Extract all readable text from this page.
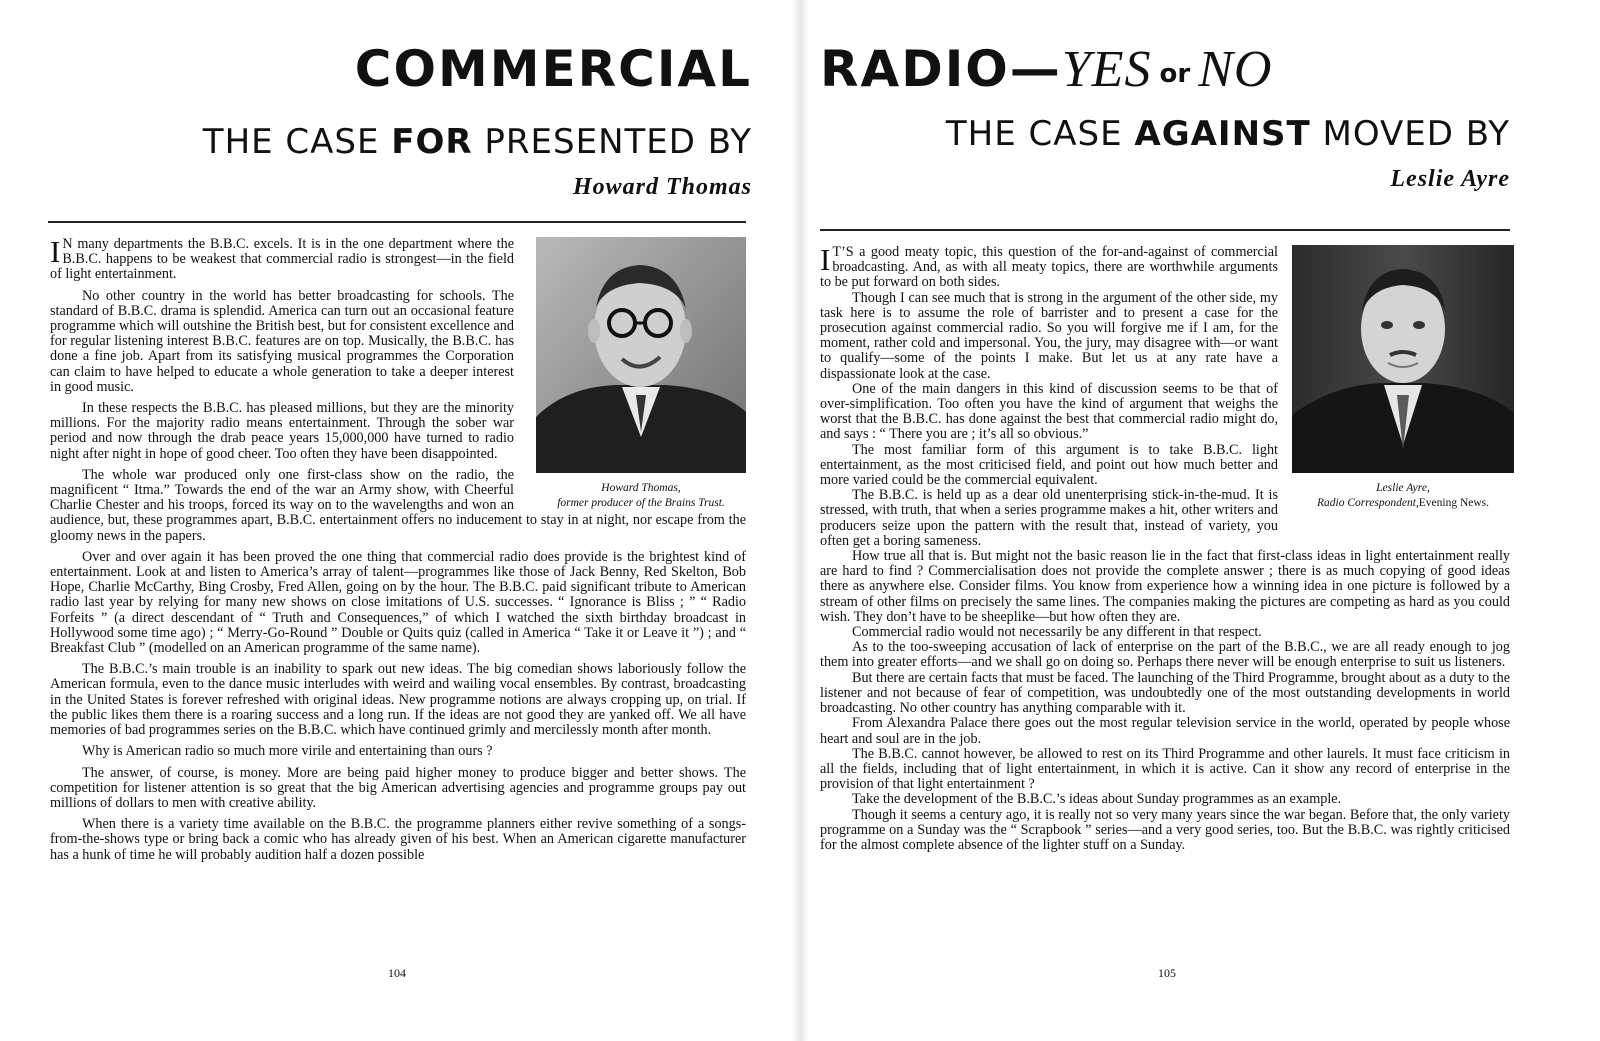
COMMERCIAL
THE CASE FOR PRESENTED BY
Howard Thomas
Howard Thomas,
former producer of the Brains Trust.

I N many departments the B.B.C. excels. It is in the one department where the B.B.C. happens to be weakest that commercial radio is strongest—in the field of light entertainment.

No other country in the world has better broadcasting for schools. The standard of B.B.C. drama is splendid. America can turn out an occasional feature programme which will outshine the British best, but for consistent excellence and for regular listening interest B.B.C. features are on top. Musically, the B.B.C. has done a fine job. Apart from its satisfying musical programmes the Corporation can claim to have helped to educate a whole generation to take a deeper interest in good music.

In these respects the B.B.C. has pleased millions, but they are the minority millions. For the majority radio means entertainment. Through the sober war period and now through the drab peace years 15,000,000 have turned to radio night after night in hope of good cheer. Too often they have been disappointed.

The whole war produced only one first-class show on the radio, the magnificent “ Itma.” Towards the end of the war an Army show, with Cheerful Charlie Chester and his troops, forced its way on to the wavelengths and won an audience, but, these programmes apart, B.B.C. entertainment offers no inducement to stay in at night, nor escape from the gloomy news in the papers.

Over and over again it has been proved the one thing that commercial radio does provide is the brightest kind of entertainment. Look at and listen to America’s array of talent—programmes like those of Jack Benny, Red Skelton, Bob Hope, Charlie McCarthy, Bing Crosby, Fred Allen, going on by the hour. The B.B.C. paid significant tribute to American radio last year by relying for many new shows on close imitations of U.S. successes. “ Ignorance is Bliss ; ” “ Radio Forfeits ” (a direct descendant of “ Truth and Consequences,” of which I watched the sixth birthday broadcast in Hollywood some time ago) ; “ Merry-Go-Round ” Double or Quits quiz (called in America “ Take it or Leave it ”) ; and “ Breakfast Club ” (modelled on an American programme of the same name).

The B.B.C.’s main trouble is an inability to spark out new ideas. The big comedian shows laboriously follow the American formula, even to the dance music interludes with weird and wailing vocal ensembles. By contrast, broadcasting in the United States is forever refreshed with original ideas. New programme notions are always cropping up, on trial. If the public likes them there is a roaring success and a long run. If the ideas are not good they are yanked off. We all have memories of bad programmes series on the B.B.C. which have continued grimly and mercilessly month after month.

Why is American radio so much more virile and entertaining than ours ?

The answer, of course, is money. More are being paid higher money to produce bigger and better shows. The competition for listener attention is so great that the big American advertising agencies and programme groups pay out millions of dollars to men with creative ability.

When there is a variety time available on the B.B.C. the programme planners either revive something of a songs-from-the-shows type or bring back a comic who has already given of his best. When an American cigarette manufacturer has a hunk of time he will probably audition half a dozen possible

104
RADIO—YES or NO
THE CASE AGAINST MOVED BY
Leslie Ayre
Leslie Ayre,
Radio Correspondent,Evening News.

I T’S a good meaty topic, this question of the for-and-against of commercial broadcasting. And, as with all meaty topics, there are worthwhile arguments to be put forward on both sides.

Though I can see much that is strong in the argument of the other side, my task here is to assume the role of barrister and to present a case for the prosecution against commercial radio. So you will forgive me if I am, for the moment, rather cold and impersonal. You, the jury, may disagree with—or want to qualify—some of the points I make. But let us at any rate have a dispassionate look at the case.

One of the main dangers in this kind of discussion seems to be that of over-simplification. Too often you have the kind of argument that weighs the worst that the B.B.C. has done against the best that commercial radio might do, and says : “ There you are ; it’s all so obvious.”

The most familiar form of this argument is to take B.B.C. light entertainment, as the most criticised field, and point out how much better and more varied could be the commercial equivalent.

The B.B.C. is held up as a dear old unenterprising stick-in-the-mud. It is stressed, with truth, that when a series programme makes a hit, other writers and producers seize upon the pattern with the result that, instead of variety, you often get a boring sameness.

How true all that is. But might not the basic reason lie in the fact that first-class ideas in light entertainment really are hard to find ? Commercialisation does not provide the complete answer ; there is as much copying of good ideas there as anywhere else. Consider films. You know from experience how a winning idea in one picture is followed by a stream of other films on precisely the same lines. The companies making the pictures are competing as hard as you could wish. They don’t have to be sheeplike—but how often they are.

Commercial radio would not necessarily be any different in that respect.

As to the too-sweeping accusation of lack of enterprise on the part of the B.B.C., we are all ready enough to jog them into greater efforts—and we shall go on doing so. Perhaps there never will be enough enterprise to suit us listeners.

But there are certain facts that must be faced. The launching of the Third Programme, brought about as a duty to the listener and not because of fear of competition, was undoubtedly one of the most outstanding developments in world broadcasting. No other country has anything comparable with it.

From Alexandra Palace there goes out the most regular television service in the world, operated by people whose heart and soul are in the job.

The B.B.C. cannot however, be allowed to rest on its Third Programme and other laurels. It must face criticism in all the fields, including that of light entertainment, in which it is active. Can it show any record of enterprise in the provision of that light entertainment ?

Take the development of the B.B.C.’s ideas about Sunday programmes as an example.

Though it seems a century ago, it is really not so very many years since the war began. Before that, the only variety programme on a Sunday was the “ Scrapbook ” series—and a very good series, too. But the B.B.C. was rightly criticised for the almost complete absence of the lighter stuff on a Sunday.

105
